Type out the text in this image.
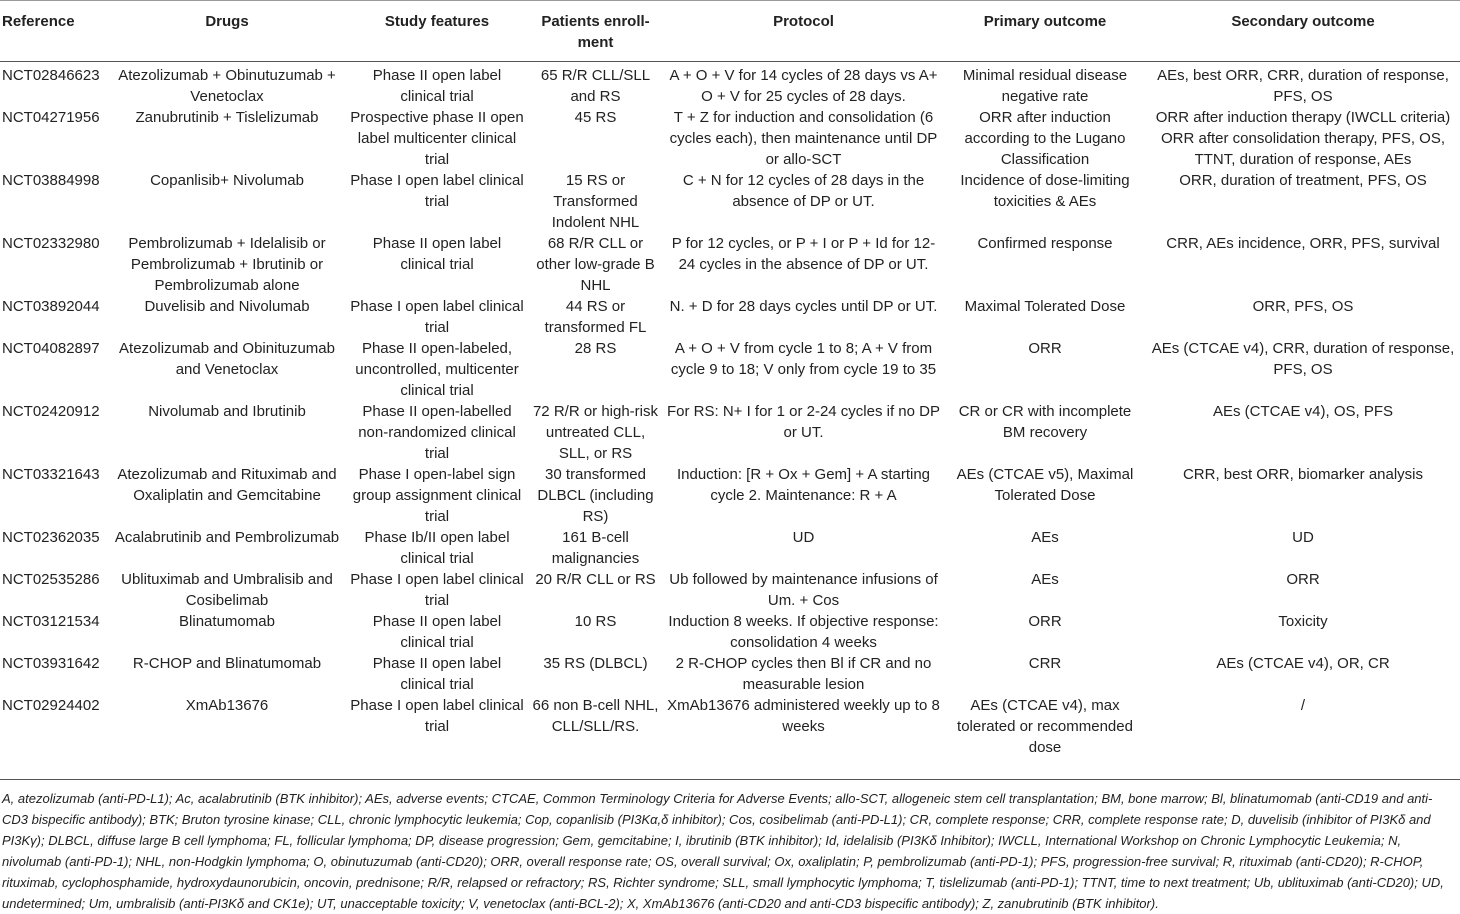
Reference	Drugs	Study features	Patients enroll-ment	Protocol	Primary outcome	Secondary outcome
NCT02846623	Atezolizumab + Obinutuzumab + Venetoclax	Phase II open label clinical trial	65 R/R CLL/SLL and RS	A + O + V for 14 cycles of 28 days vs A+ O + V for 25 cycles of 28 days.	Minimal residual disease negative rate	AEs, best ORR, CRR, duration of response, PFS, OS
NCT04271956	Zanubrutinib + Tislelizumab	Prospective phase II open label multicenter clinical trial	45 RS	T + Z for induction and consolidation (6 cycles each), then maintenance until DP or allo-SCT	ORR after induction according to the Lugano Classification	ORR after induction therapy (IWCLL criteria) ORR after consolidation therapy, PFS, OS, TTNT, duration of response, AEs
NCT03884998	Copanlisib+ Nivolumab	Phase I open label clinical trial	15 RS or Transformed Indolent NHL	C + N for 12 cycles of 28 days in the absence of DP or UT.	Incidence of dose-limiting toxicities & AEs	ORR, duration of treatment, PFS, OS
NCT02332980	Pembrolizumab + Idelalisib or Pembrolizumab + Ibrutinib or Pembrolizumab alone	Phase II open label clinical trial	68 R/R CLL or other low-grade B NHL	P for 12 cycles, or P + I or P + Id for 12-24 cycles in the absence of DP or UT.	Confirmed response	CRR, AEs incidence, ORR, PFS, survival
NCT03892044	Duvelisib and Nivolumab	Phase I open label clinical trial	44 RS or transformed FL	N. + D for 28 days cycles until DP or UT.	Maximal Tolerated Dose	ORR, PFS, OS
NCT04082897	Atezolizumab and Obinituzumab and Venetoclax	Phase II open-labeled, uncontrolled, multicenter clinical trial	28 RS	A + O + V from cycle 1 to 8; A + V from cycle 9 to 18; V only from cycle 19 to 35	ORR	AEs (CTCAE v4), CRR, duration of response, PFS, OS
NCT02420912	Nivolumab and Ibrutinib	Phase II open-labelled non-randomized clinical trial	72 R/R or high-risk untreated CLL, SLL, or RS	For RS: N+ I for 1 or 2-24 cycles if no DP or UT.	CR or CR with incomplete BM recovery	AEs (CTCAE v4), OS, PFS
NCT03321643	Atezolizumab and Rituximab and Oxaliplatin and Gemcitabine	Phase I open-label sign group assignment clinical trial	30 transformed DLBCL (including RS)	Induction: [R + Ox + Gem] + A starting cycle 2. Maintenance: R + A	AEs (CTCAE v5), Maximal Tolerated Dose	CRR, best ORR, biomarker analysis
NCT02362035	Acalabrutinib and Pembrolizumab	Phase Ib/II open label clinical trial	161 B-cell malignancies	UD	AEs	UD
NCT02535286	Ublituximab and Umbralisib and Cosibelimab	Phase I open label clinical trial	20 R/R CLL or RS	Ub followed by maintenance infusions of Um. + Cos	AEs	ORR
NCT03121534	Blinatumomab	Phase II open label clinical trial	10 RS	Induction 8 weeks. If objective response: consolidation 4 weeks	ORR	Toxicity
NCT03931642	R-CHOP and Blinatumomab	Phase II open label clinical trial	35 RS (DLBCL)	2 R-CHOP cycles then Bl if CR and no measurable lesion	CRR	AEs (CTCAE v4), OR, CR
NCT02924402	XmAb13676	Phase I open label clinical trial	66 non B-cell NHL, CLL/SLL/RS.	XmAb13676 administered weekly up to 8 weeks	AEs (CTCAE v4), max tolerated or recommended dose	/
A, atezolizumab (anti-PD-L1); Ac, acalabrutinib (BTK inhibitor); AEs, adverse events; CTCAE, Common Terminology Criteria for Adverse Events; allo-SCT, allogeneic stem cell transplantation; BM, bone marrow; Bl, blinatumomab (anti-CD19 and anti-CD3 bispecific antibody); BTK; Bruton tyrosine kinase; CLL, chronic lymphocytic leukemia; Cop, copanlisib (PI3Kα,δ inhibitor); Cos, cosibelimab (anti-PD-L1); CR, complete response; CRR, complete response rate; D, duvelisib (inhibitor of PI3Kδ and PI3Kγ); DLBCL, diffuse large B cell lymphoma; FL, follicular lymphoma; DP, disease progression; Gem, gemcitabine; I, ibrutinib (BTK inhibitor); Id, idelalisib (PI3Kδ Inhibitor); IWCLL, International Workshop on Chronic Lymphocytic Leukemia; N, nivolumab (anti-PD-1); NHL, non-Hodgkin lymphoma; O, obinutuzumab (anti-CD20); ORR, overall response rate; OS, overall survival; Ox, oxaliplatin; P, pembrolizumab (anti-PD-1); PFS, progression-free survival; R, rituximab (anti-CD20); R-CHOP, rituximab, cyclophosphamide, hydroxydaunorubicin, oncovin, prednisone; R/R, relapsed or refractory; RS, Richter syndrome; SLL, small lymphocytic lymphoma; T, tislelizumab (anti-PD-1); TTNT, time to next treatment; Ub, ublituximab (anti-CD20); UD, undetermined; Um, umbralisib (anti-PI3Kδ and CK1e); UT, unacceptable toxicity; V, venetoclax (anti-BCL-2); X, XmAb13676 (anti-CD20 and anti-CD3 bispecific antibody); Z, zanubrutinib (BTK inhibitor).
